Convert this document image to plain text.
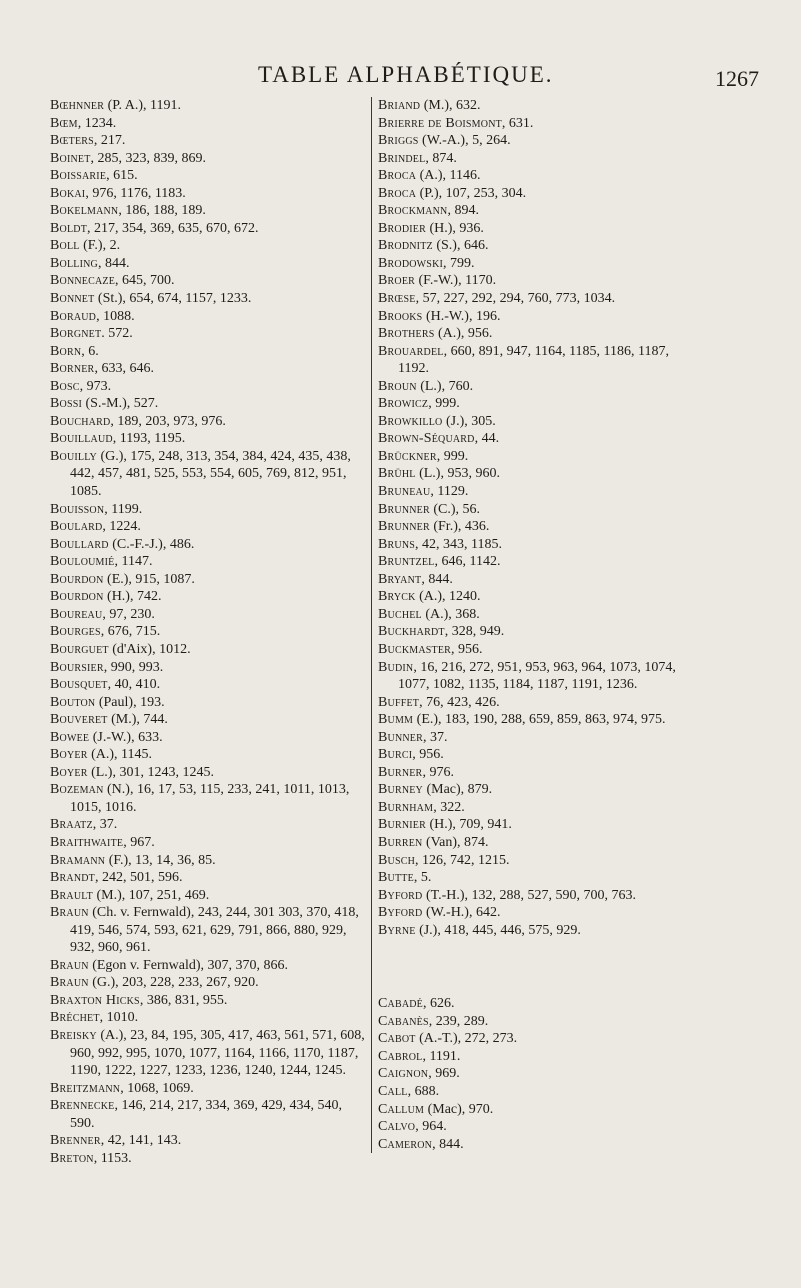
TABLE ALPHABÉTIQUE.	1267

Bœhnner (P. A.), 1191.

Bœm, 1234.

Bœters, 217.

Boinet, 285, 323, 839, 869.

Boissarie, 615.

Bokai, 976, 1176, 1183.

Bokelmann, 186, 188, 189.

Boldt, 217, 354, 369, 635, 670, 672.

Boll (F.), 2.

Bolling, 844.

Bonnecaze, 645, 700.

Bonnet (St.), 654, 674, 1157, 1233.

Boraud, 1088.

Borgnet. 572.

Born, 6.

Borner, 633, 646.

Bosc, 973.

Bossi (S.-M.), 527.

Bouchard, 189, 203, 973, 976.

Bouillaud, 1193, 1195.

Bouilly (G.), 175, 248, 313, 354, 384, 424, 435, 438, 442, 457, 481, 525, 553, 554, 605, 769, 812, 951, 1085.

Bouisson, 1199.

Boulard, 1224.

Boullard (C.-F.-J.), 486.

Bouloumié, 1147.

Bourdon (E.), 915, 1087.

Bourdon (H.), 742.

Boureau, 97, 230.

Bourges, 676, 715.

Bourguet (d'Aix), 1012.

Boursier, 990, 993.

Bousquet, 40, 410.

Bouton (Paul), 193.

Bouveret (M.), 744.

Bowee (J.-W.), 633.

Boyer (A.), 1145.

Boyer (L.), 301, 1243, 1245.

Bozeman (N.), 16, 17, 53, 115, 233, 241, 1011, 1013, 1015, 1016.

Braatz, 37.

Braithwaite, 967.

Bramann (F.), 13, 14, 36, 85.

Brandt, 242, 501, 596.

Brault (M.), 107, 251, 469.

Braun (Ch. v. Fernwald), 243, 244, 301 303, 370, 418, 419, 546, 574, 593, 621, 629, 791, 866, 880, 929, 932, 960, 961.

Braun (Egon v. Fernwald), 307, 370, 866.

Braun (G.), 203, 228, 233, 267, 920.

Braxton Hicks, 386, 831, 955.

Bréchet, 1010.

Breisky (A.), 23, 84, 195, 305, 417, 463, 561, 571, 608, 960, 992, 995, 1070, 1077, 1164, 1166, 1170, 1187, 1190, 1222, 1227, 1233, 1236, 1240, 1244, 1245.

Breitzmann, 1068, 1069.

Brennecke, 146, 214, 217, 334, 369, 429, 434, 540, 590.

Brenner, 42, 141, 143.

Breton, 1153.

Briand (M.), 632.

Brierre de Boismont, 631.

Briggs (W.-A.), 5, 264.

Brindel, 874.

Broca (A.), 1146.

Broca (P.), 107, 253, 304.

Brockmann, 894.

Brodier (H.), 936.

Brodnitz (S.), 646.

Brodowski, 799.

Broer (F.-W.), 1170.

Brœse, 57, 227, 292, 294, 760, 773, 1034.

Brooks (H.-W.), 196.

Brothers (A.), 956.

Brouardel, 660, 891, 947, 1164, 1185, 1186, 1187, 1192.

Broun (L.), 760.

Browicz, 999.

Browkillo (J.), 305.

Brown-Séquard, 44.

Brückner, 999.

Brühl (L.), 953, 960.

Bruneau, 1129.

Brunner (C.), 56.

Brunner (Fr.), 436.

Bruns, 42, 343, 1185.

Bruntzel, 646, 1142.

Bryant, 844.

Bryck (A.), 1240.

Buchel (A.), 368.

Buckhardt, 328, 949.

Buckmaster, 956.

Budin, 16, 216, 272, 951, 953, 963, 964, 1073, 1074, 1077, 1082, 1135, 1184, 1187, 1191, 1236.

Buffet, 76, 423, 426.

Bumm (E.), 183, 190, 288, 659, 859, 863, 974, 975.

Bunner, 37.

Burci, 956.

Burner, 976.

Burney (Mac), 879.

Burnham, 322.

Burnier (H.), 709, 941.

Burren (Van), 874.

Busch, 126, 742, 1215.

Butte, 5.

Byford (T.-H.), 132, 288, 527, 590, 700, 763.

Byford (W.-H.), 642.

Byrne (J.), 418, 445, 446, 575, 929.

Cabadé, 626.

Cabanès, 239, 289.

Cabot (A.-T.), 272, 273.

Cabrol, 1191.

Caignon, 969.

Call, 688.

Callum (Mac), 970.

Calvo, 964.

Cameron, 844.
